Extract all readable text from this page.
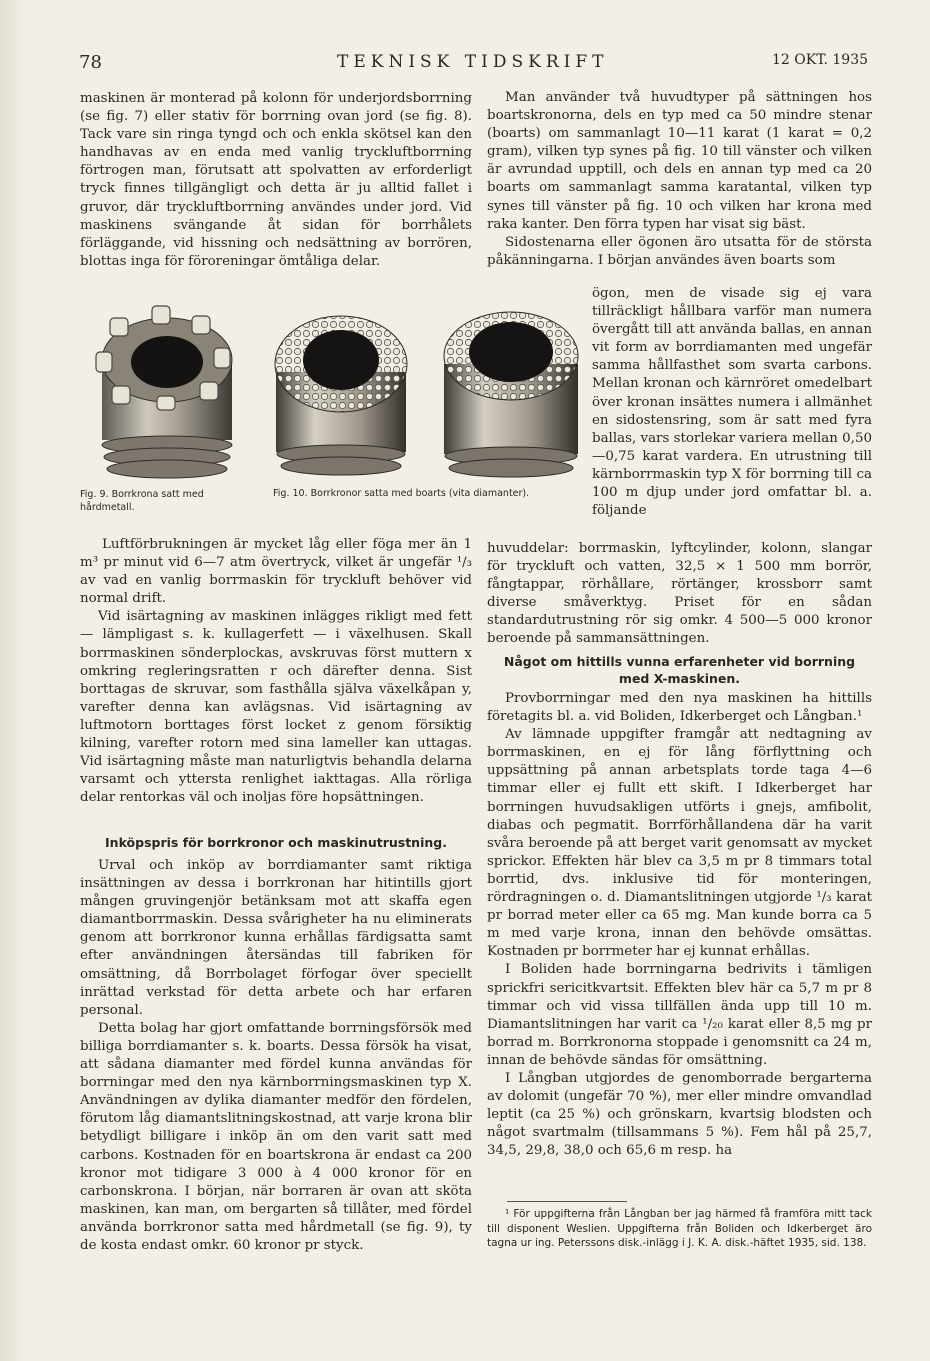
78	TEKNISK TIDSKRIFT	12 OKT. 1935

maskinen är monterad på kolonn för underjordsborrning (se fig. 7) eller stativ för borrning ovan jord (se fig. 8). Tack vare sin ringa tyngd och och enkla skötsel kan den handhavas av en enda med vanlig tryckluftborrning förtrogen man, förutsatt att spolvatten av erforderligt tryck finnes tillgängligt och detta är ju alltid fallet i gruvor, där tryckluftborrning användes under jord. Vid maskinens svängande åt sidan för borrhålets förläggande, vid hissning och nedsättning av borrören, blottas inga för föroreningar ömtåliga delar.

Fig. 9. Borrkrona satt med hårdmetall.
Fig. 10. Borrkronor satta med boarts (vita diamanter).

Luftförbrukningen är mycket låg eller föga mer än 1 m³ pr minut vid 6—7 atm övertryck, vilket är ungefär ¹/₃ av vad en vanlig borrmaskin för tryckluft behöver vid normal drift.

Vid isärtagning av maskinen inlägges rikligt med fett — lämpligast s. k. kullagerfett — i växelhusen. Skall borrmaskinen sönderplockas, avskruvas först muttern x omkring regleringsratten r och därefter denna. Sist borttagas de skruvar, som fasthålla själva växelkåpan y, varefter denna kan avlägsnas. Vid isärtagning av luftmotorn borttages först locket z genom försiktig kilning, varefter rotorn med sina lameller kan uttagas. Vid isärtagning måste man naturligtvis behandla delarna varsamt och yttersta renlighet iakttagas. Alla rörliga delar rentorkas väl och inoljas före hopsättningen.

Inköpspris för borrkronor och maskinutrustning.

Urval och inköp av borrdiamanter samt riktiga insättningen av dessa i borrkronan har hitintills gjort mången gruvingenjör betänksam mot att skaffa egen diamantborrmaskin. Dessa svårigheter ha nu eliminerats genom att borrkronor kunna erhållas färdigsatta samt efter användningen återsändas till fabriken för omsättning, då Borrbolaget förfogar över speciellt inrättad verkstad för detta arbete och har erfaren personal.

Detta bolag har gjort omfattande borrningsförsök med billiga borrdiamanter s. k. boarts. Dessa försök ha visat, att sådana diamanter med fördel kunna användas för borrningar med den nya kärnborrningsmaskinen typ X. Användningen av dylika diamanter medför den fördelen, förutom låg diamantslitningskostnad, att varje krona blir betydligt billigare i inköp än om den varit satt med carbons. Kostnaden för en boartskrona är endast ca 200 kronor mot tidigare 3 000 à 4 000 kronor för en carbonskrona. I början, när borraren är ovan att sköta maskinen, kan man, om bergarten så tillåter, med fördel använda borrkronor satta med hårdmetall (se fig. 9), ty de kosta endast omkr. 60 kronor pr styck.

Man använder två huvudtyper på sättningen hos boartskronorna, dels en typ med ca 50 mindre stenar (boarts) om sammanlagt 10—11 karat (1 karat = 0,2 gram), vilken typ synes på fig. 10 till vänster och vilken är avrundad upptill, och dels en annan typ med ca 20 boarts om sammanlagt samma karatantal, vilken typ synes till vänster på fig. 10 och vilken har krona med raka kanter. Den förra typen har visat sig bäst.

Sidostenarna eller ögonen äro utsatta för de största påkänningarna. I början användes även boarts som

ögon, men de visade sig ej vara tillräckligt hållbara varför man numera övergått till att använda ballas, en annan vit form av borrdiamanten med ungefär samma hållfasthet som svarta carbons. Mellan kronan och kärnröret omedelbart över kronan insättes numera i allmänhet en sidostensring, som är satt med fyra ballas, vars storlekar variera mellan 0,50—0,75 karat vardera. En utrustning till kärnborrmaskin typ X för borrning till ca 100 m djup under jord omfattar bl. a. följande

huvuddelar: borrmaskin, lyftcylinder, kolonn, slangar för tryckluft och vatten, 32,5 × 1 500 mm borrör, fångtappar, rörhållare, rörtänger, krossborr samt diverse småverktyg. Priset för en sådan standardutrustning rör sig omkr. 4 500—5 000 kronor beroende på sammansättningen.

Något om hittills vunna erfarenheter vid borrning med X-maskinen.

Provborrningar med den nya maskinen ha hittills företagits bl. a. vid Boliden, Idkerberget och Långban.¹

Av lämnade uppgifter framgår att nedtagning av borrmaskinen, en ej för lång förflyttning och uppsättning på annan arbetsplats torde taga 4—6 timmar eller ej fullt ett skift. I Idkerberget har borrningen huvudsakligen utförts i gnejs, amfibolit, diabas och pegmatit. Borrförhållandena där ha varit svåra beroende på att berget varit genomsatt av mycket sprickor. Effekten här blev ca 3,5 m pr 8 timmars total borrtid, dvs. inklusive tid för monteringen, rördragningen o. d. Diamantslitningen utgjorde ¹/₃ karat pr borrad meter eller ca 65 mg. Man kunde borra ca 5 m med varje krona, innan den behövde omsättas. Kostnaden pr borrmeter har ej kunnat erhållas.

I Boliden hade borrningarna bedrivits i tämligen sprickfri sericitkvartsit. Effekten blev här ca 5,7 m pr 8 timmar och vid vissa tillfällen ända upp till 10 m. Diamantslitningen har varit ca ¹/₂₀ karat eller 8,5 mg pr borrad m. Borrkronorna stoppade i genomsnitt ca 24 m, innan de behövde sändas för omsättning.

I Långban utgjordes de genomborrade bergarterna av dolomit (ungefär 70 %), mer eller mindre omvandlad leptit (ca 25 %) och grönskarn, kvartsig blodsten och något svartmalm (tillsammans 5 %). Fem hål på 25,7, 34,5, 29,8, 38,0 och 65,6 m resp. ha

¹ För uppgifterna från Långban ber jag härmed få framföra mitt tack till disponent Weslien. Uppgifterna från Boliden och Idkerberget äro tagna ur ing. Peterssons disk.-inlägg i J. K. A. disk.-häftet 1935, sid. 138.
